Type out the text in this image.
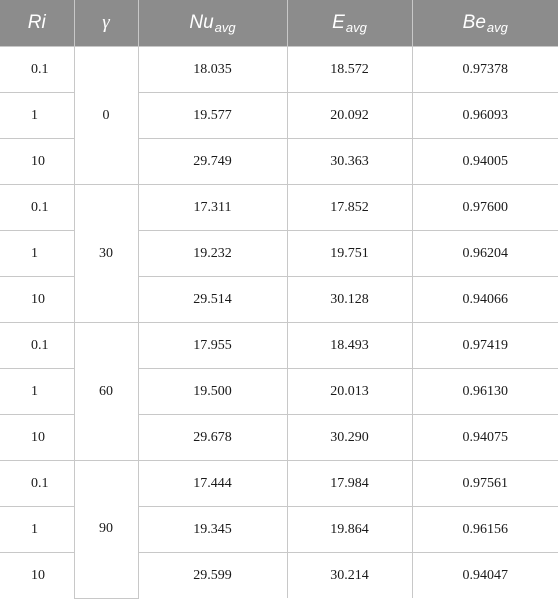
Ri	γ	$Nu_{avg}$	$E_{avg}$	$Be_{avg}$
0.1	0	18.035	18.572	0.97378
1		19.577	20.092	0.96093
10		29.749	30.363	0.94005
0.1	30	17.311	17.852	0.97600
1		19.232	19.751	0.96204
10		29.514	30.128	0.94066
0.1	60	17.955	18.493	0.97419
1		19.500	20.013	0.96130
10		29.678	30.290	0.94075
0.1	90	17.444	17.984	0.97561
1		19.345	19.864	0.96156
10		29.599	30.214	0.94047
